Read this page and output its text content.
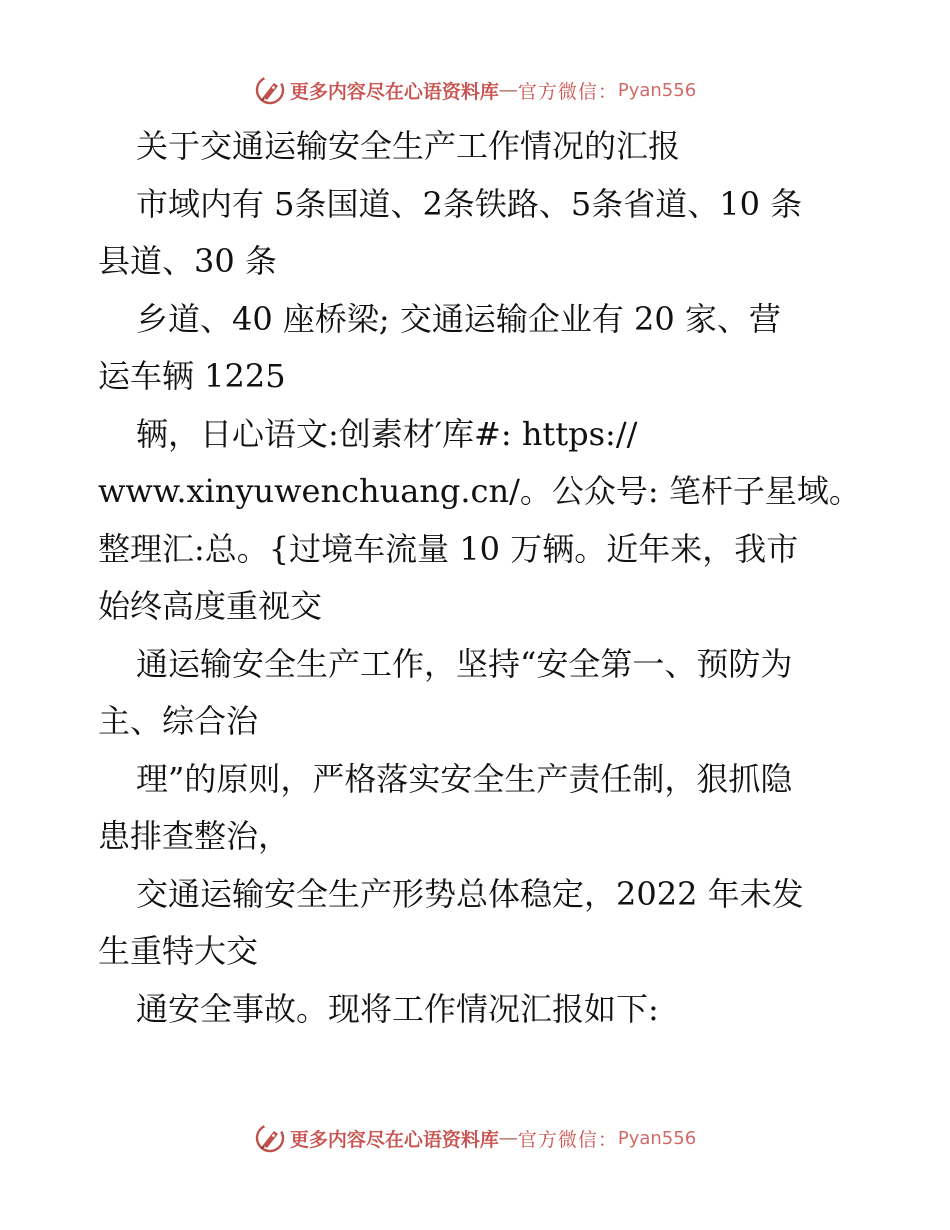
更多内容尽在心语资料库 — 官方微信： Pyan556
关于交通运输安全生产工作情况的汇报
市域内有 5条国道、2条铁路、5条省道、10 条
县道、30 条
乡道、40 座桥梁; 交通运输企业有 20 家、营
运车辆 1225
辆，日心语文:创素材′库#: https://
www.xinyuwenchuang.cn/。公众号: 笔杆子星域。
整理汇:总。{过境车流量 10 万辆。近年来，我市
始终高度重视交
通运输安全生产工作，坚持“安全第一、预防为
主、综合治
理”的原则，严格落实安全生产责任制，狠抓隐
患排查整治，
交通运输安全生产形势总体稳定，2022 年未发
生重特大交
通安全事故。现将工作情况汇报如下:
更多内容尽在心语资料库 — 官方微信： Pyan556
